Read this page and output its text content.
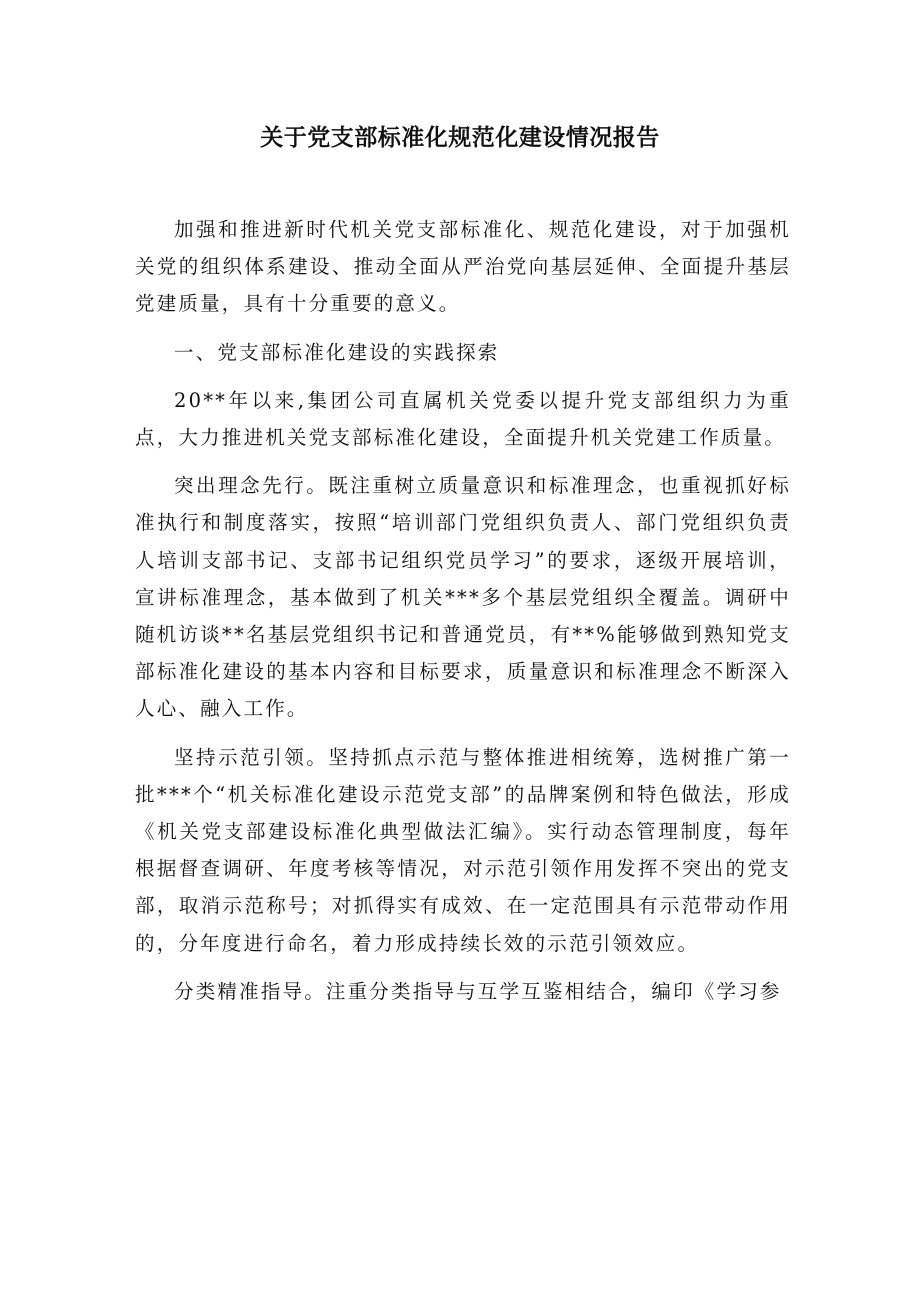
关于党支部标准化规范化建设情况报告

加强和推进新时代机关党支部标准化、规范化建设，对于加强机关党的组织体系建设、推动全面从严治党向基层延伸、全面提升基层党建质量，具有十分重要的意义。

一、党支部标准化建设的实践探索

20**年以来,集团公司直属机关党委以提升党支部组织力为重点，大力推进机关党支部标准化建设，全面提升机关党建工作质量。

突出理念先行。既注重树立质量意识和标准理念，也重视抓好标准执行和制度落实，按照“培训部门党组织负责人、部门党组织负责人培训支部书记、支部书记组织党员学习”的要求，逐级开展培训，宣讲标准理念，基本做到了机关***多个基层党组织全覆盖。调研中随机访谈**名基层党组织书记和普通党员，有**%能够做到熟知党支部标准化建设的基本内容和目标要求，质量意识和标准理念不断深入人心、融入工作。

坚持示范引领。坚持抓点示范与整体推进相统筹，选树推广第一批***个“机关标准化建设示范党支部”的品牌案例和特色做法，形成《机关党支部建设标准化典型做法汇编》。实行动态管理制度，每年根据督查调研、年度考核等情况，对示范引领作用发挥不突出的党支部，取消示范称号；对抓得实有成效、在一定范围具有示范带动作用的，分年度进行命名，着力形成持续长效的示范引领效应。

分类精准指导。注重分类指导与互学互鉴相结合，编印《学习参
